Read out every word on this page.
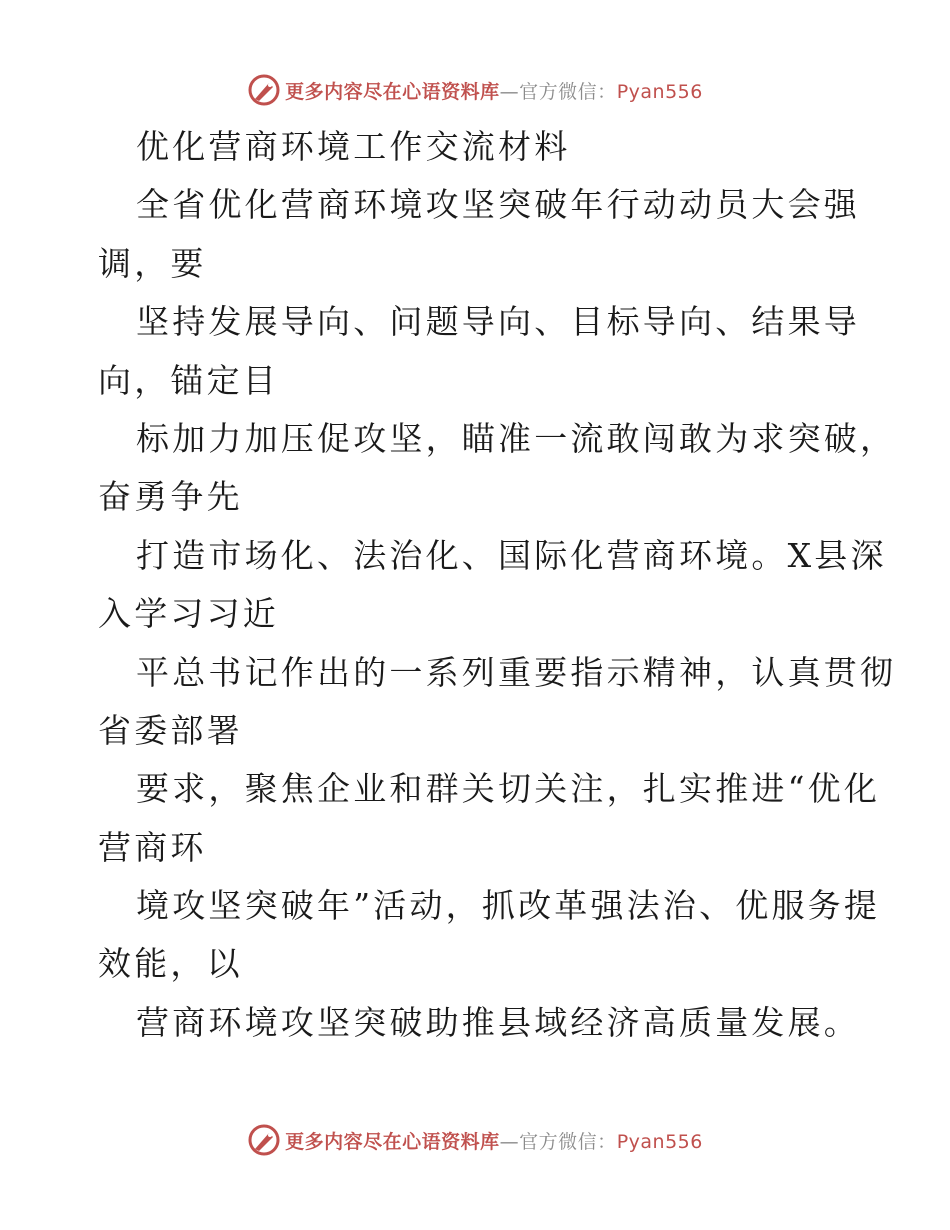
更多内容尽在心语资料库—官方微信：Pyan556
优化营商环境工作交流材料
全省优化营商环境攻坚突破年行动动员大会强
调，要
坚持发展导向、问题导向、目标导向、结果导
向，锚定目
标加力加压促攻坚，瞄准一流敢闯敢为求突破，
奋勇争先
打造市场化、法治化、国际化营商环境。X县深
入学习习近
平总书记作出的一系列重要指示精神，认真贯彻
省委部署
要求，聚焦企业和群关切关注，扎实推进“优化
营商环
境攻坚突破年”活动，抓改革强法治、优服务提
效能，以
营商环境攻坚突破助推县域经济高质量发展。
更多内容尽在心语资料库—官方微信：Pyan556
